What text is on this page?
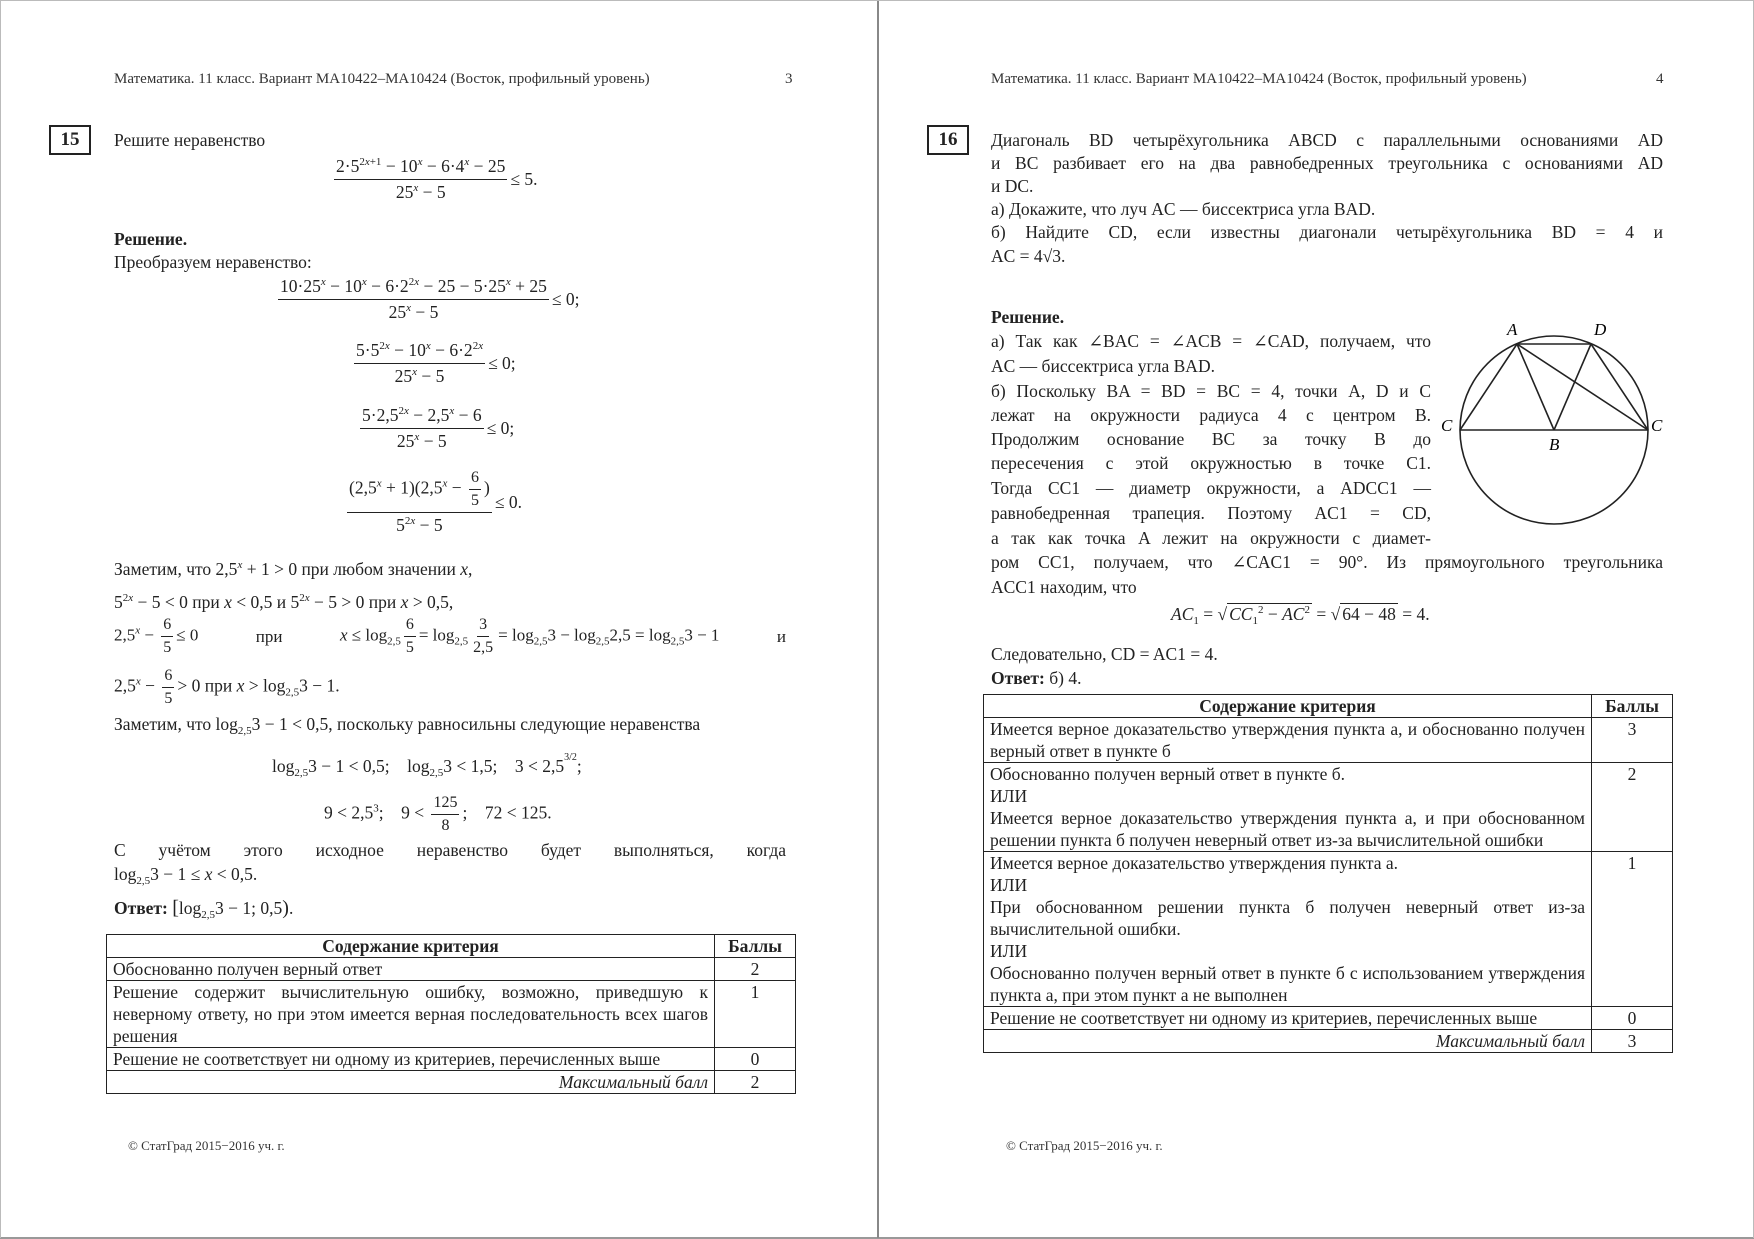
Математика. 11 класс. Вариант МА10422–МА10424 (Восток, профильный уровень)	3
15	Решите неравенство
$\frac{2\cdot 5^{2x+1} - 10^x - 6\cdot 4^x - 25}{25^x - 5} \le 5$.
Решение.
Преобразуем неравенство:
$\frac{10\cdot 25^x - 10^x - 6\cdot 2^{2x} - 25 - 5\cdot 25^x + 25}{25^x - 5} \le 0$;
$\frac{5\cdot 5^{2x} - 10^x - 6\cdot 2^{2x}}{25^x - 5} \le 0$;
$\frac{5\cdot 2,5^{2x} - 2,5^x - 6}{25^x - 5} \le 0$;
$\frac{(2,5^x + 1)(2,5^x - \frac{6}{5} )}{5^{2x} - 5} \le 0$.
Заметим, что $2,5^x + 1 > 0$ при любом значении x,
$5^{2x} - 5 < 0$ при x < 0,5 и $5^{2x} - 5 > 0$ при x > 0,5,
$2,5^x - \frac{6}{5} \le 0$	при	$x \le \log_{2,5} \frac{6}{5} = \log_{2,5} \frac{3}{2,5} = \log_{2,5}3 - \log_{2,5}2,5 = \log_{2,5}3 - 1$	и
$2,5^x - \frac{6}{5} > 0$ при $x > \log_{2,5}3 - 1$.
Заметим, что $\log_{2,5}3 - 1 < 0,5$, поскольку равносильны следующие неравенства
$\log_{2,5}3 - 1 < 0,5$;    $\log_{2,5}3 < 1,5$;    $3 < 2,5^{3/2}$;
$9 < 2,5^3$;    $9 < \frac{125}{8}$ ;    72 < 125.
С учётом этого исходное неравенство будет выполняться, когда
$\log_{2,5}3 - 1 \le x < 0,5$.
Ответ: [$\log_{2,5}3 - 1$; 0,5).
Содержание критерия	Баллы
Обоснованно получен верный ответ	2
Решение содержит вычислительную ошибку, возможно, приведшую к неверному ответу, но при этом имеется верная последовательность всех шагов решения	1
Решение не соответствует ни одному из критериев, перечисленных выше	0
Максимальный балл	2
© СтатГрад 2015−2016 уч. г.
Математика. 11 класс. Вариант МА10422–МА10424 (Восток, профильный уровень)	4
16	Диагональ BD четырёхугольника ABCD с параллельными основаниями AD
и BC разбивает его на два равнобедренных треугольника с основаниями AD
и DC.
а) Докажите, что луч AC — биссектриса угла BAD.
б) Найдите CD, если известны диагонали четырёхугольника BD = 4 и
AC = 4√3.
Решение.
а) Так как ∠BAC = ∠ACB = ∠CAD, получаем, что
AC — биссектриса угла BAD.
б) Поскольку BA = BD = BC = 4, точки A, D и C
лежат на окружности радиуса 4 с центром B.
Продолжим основание BC за точку B до
пересечения с этой окружностью в точке C1.
Тогда CC1 — диаметр окружности, а ADCC1 —
равнобедренная трапеция. Поэтому AC1 = CD,
а так как точка A лежит на окружности с диамет-
ром CC1, получаем, что ∠CAC1 = 90°. Из прямоугольного треугольника
ACC1 находим, что
A	D
B
C
C
$AC_1$ = √ $CC_1^2 - AC^2$ = √ 64 − 48 = 4.
Следовательно, CD = AC1 = 4.
Ответ: б) 4.
Содержание критерия	Баллы
Имеется верное доказательство утверждения пункта а, и обоснованно получен верный ответ в пункте б	3
Обоснованно получен верный ответ в пункте б.
ИЛИ
Имеется верное доказательство утверждения пункта а, и при обоснованном решении пункта б получен неверный ответ из-за вычислительной ошибки	2
Имеется верное доказательство утверждения пункта а.
ИЛИ
При обоснованном решении пункта б получен неверный ответ из-за вычислительной ошибки.
ИЛИ
Обоснованно получен верный ответ в пункте б с использованием утверждения пункта а, при этом пункт а не выполнен	1
Решение не соответствует ни одному из критериев, перечисленных выше	0
Максимальный балл	3
© СтатГрад 2015−2016 уч. г.
